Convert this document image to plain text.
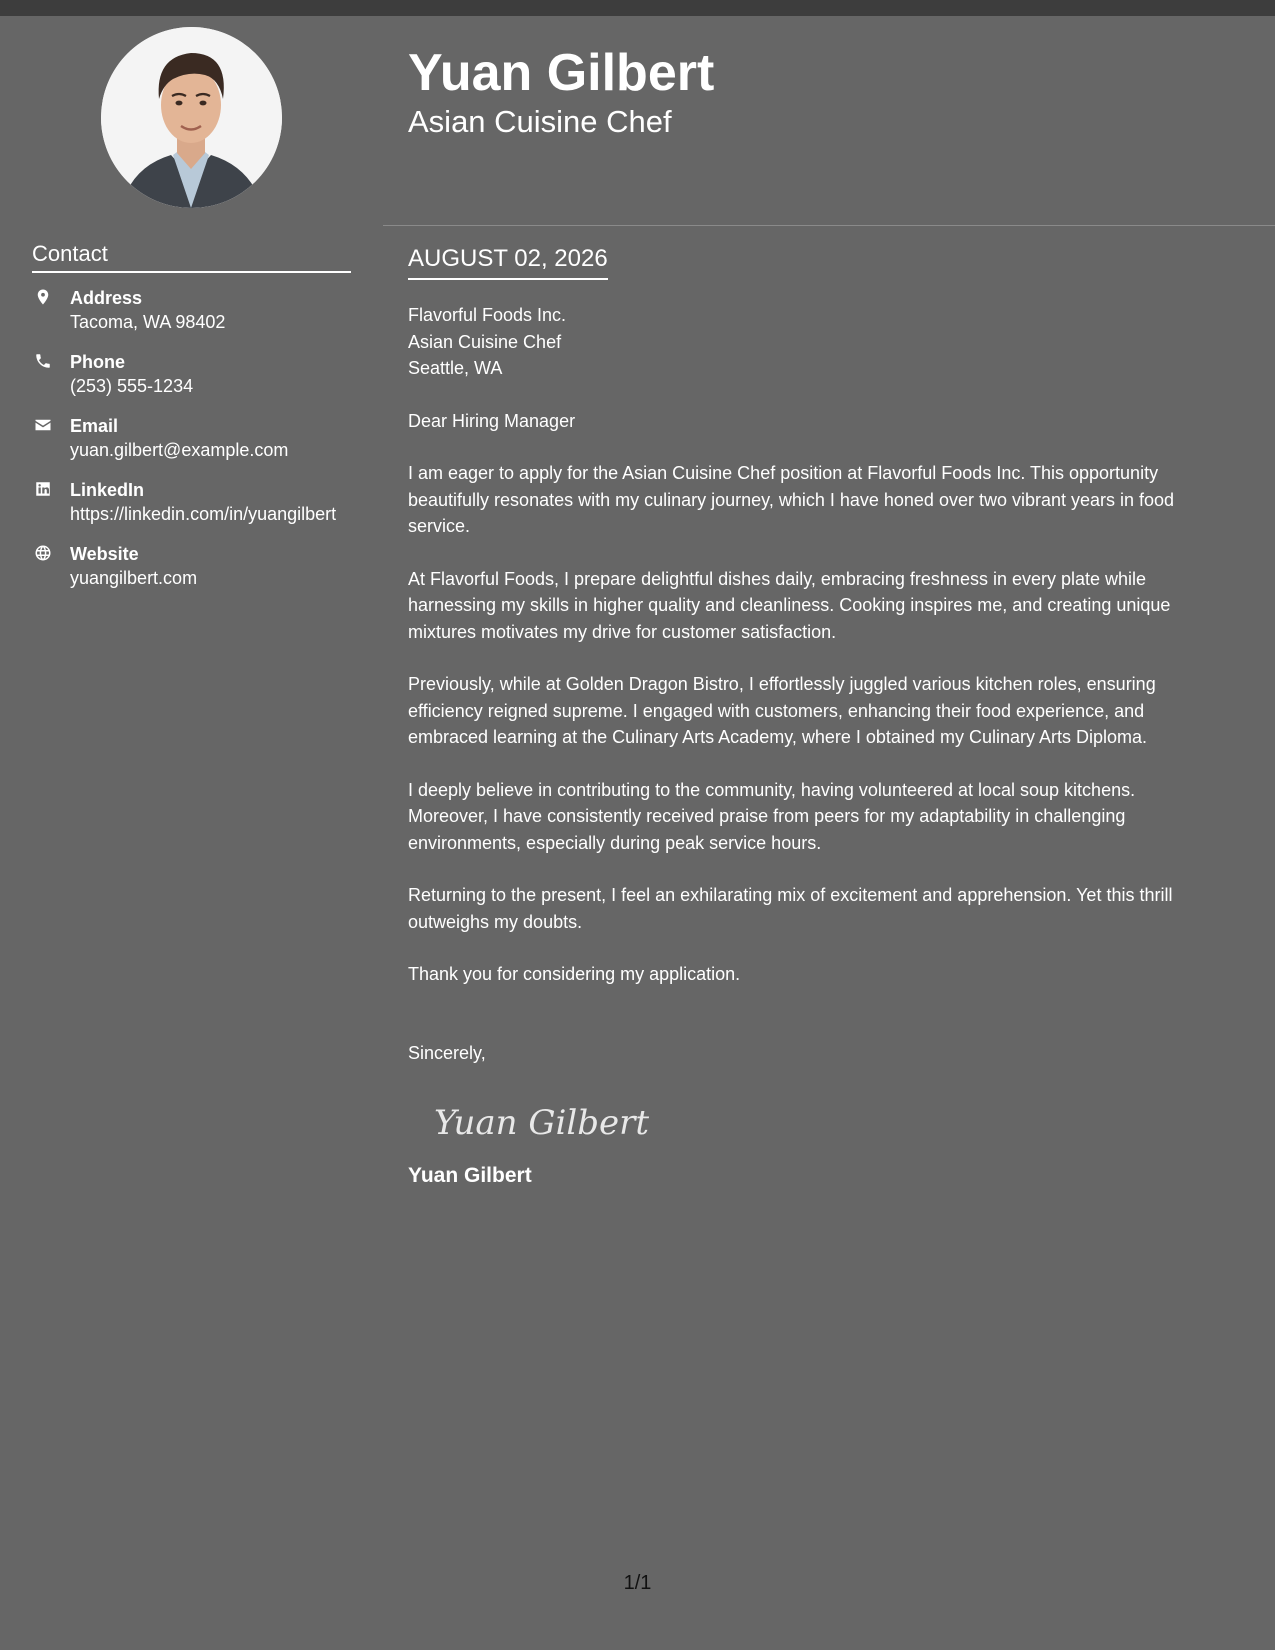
Contact
Address
Tacoma, WA 98402
Phone
(253) 555-1234
Email
yuan.gilbert@example.com
LinkedIn
https://linkedin.com/in/yuangilbert
Website
yuangilbert.com
Yuan Gilbert
Asian Cuisine Chef
AUGUST 02, 2026
Flavorful Foods Inc.
Asian Cuisine Chef
Seattle, WA

Dear Hiring Manager

I am eager to apply for the Asian Cuisine Chef position at Flavorful Foods Inc. This opportunity beautifully resonates with my culinary journey, which I have honed over two vibrant years in food service.

At Flavorful Foods, I prepare delightful dishes daily, embracing freshness in every plate while harnessing my skills in higher quality and cleanliness. Cooking inspires me, and creating unique mixtures motivates my drive for customer satisfaction.

Previously, while at Golden Dragon Bistro, I effortlessly juggled various kitchen roles, ensuring efficiency reigned supreme. I engaged with customers, enhancing their food experience, and embraced learning at the Culinary Arts Academy, where I obtained my Culinary Arts Diploma.

I deeply believe in contributing to the community, having volunteered at local soup kitchens. Moreover, I have consistently received praise from peers for my adaptability in challenging environments, especially during peak service hours.

Returning to the present, I feel an exhilarating mix of excitement and apprehension. Yet this thrill outweighs my doubts.

Thank you for considering my application.

Sincerely,

Yuan Gilbert
Yuan Gilbert
1/1
